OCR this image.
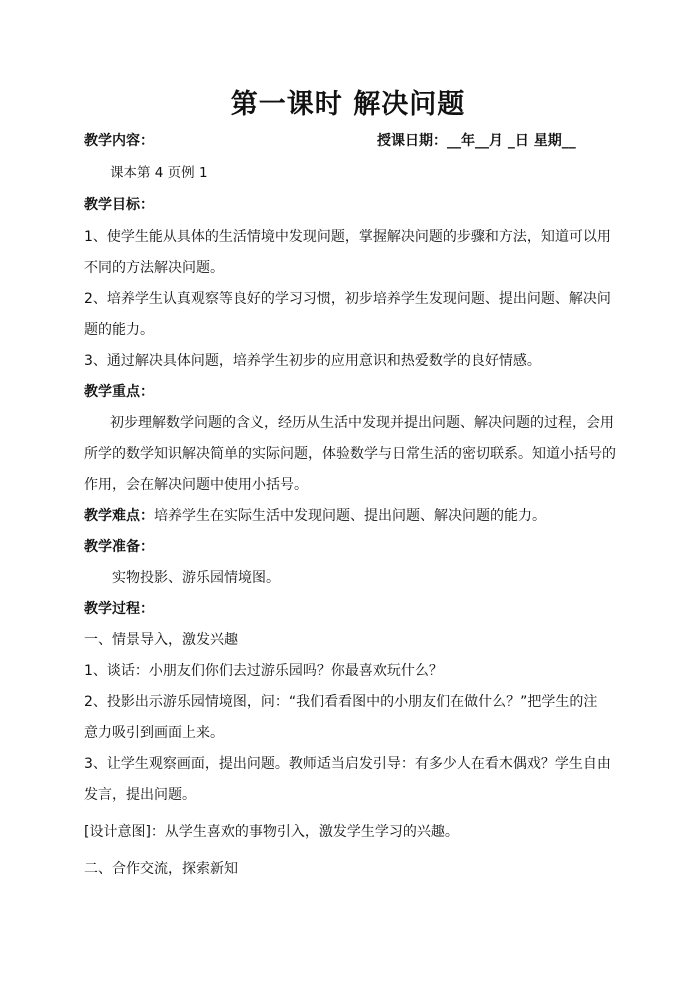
第一课时 解决问题
教学内容：	授课日期：__年__月 _日 星期__
课本第 4 页例 1
教学目标：
1、使学生能从具体的生活情境中发现问题，掌握解决问题的步骤和方法，知道可以用
不同的方法解决问题。
2、培养学生认真观察等良好的学习习惯，初步培养学生发现问题、提出问题、解决问
题的能力。
3、通过解决具体问题，培养学生初步的应用意识和热爱数学的良好情感。
教学重点：
初步理解数学问题的含义，经历从生活中发现并提出问题、解决问题的过程，会用
所学的数学知识解决简单的实际问题，体验数学与日常生活的密切联系。知道小括号的
作用，会在解决问题中使用小括号。
教学难点：培养学生在实际生活中发现问题、提出问题、解决问题的能力。
教学准备：
实物投影、游乐园情境图。
教学过程：
一、情景导入，激发兴趣
1、谈话：小朋友们你们去过游乐园吗？你最喜欢玩什么？
2、投影出示游乐园情境图，问：“我们看看图中的小朋友们在做什么？”把学生的注
意力吸引到画面上来。
3、让学生观察画面，提出问题。教师适当启发引导：有多少人在看木偶戏？学生自由
发言，提出问题。
[设计意图]：从学生喜欢的事物引入，激发学生学习的兴趣。
二、合作交流，探索新知
